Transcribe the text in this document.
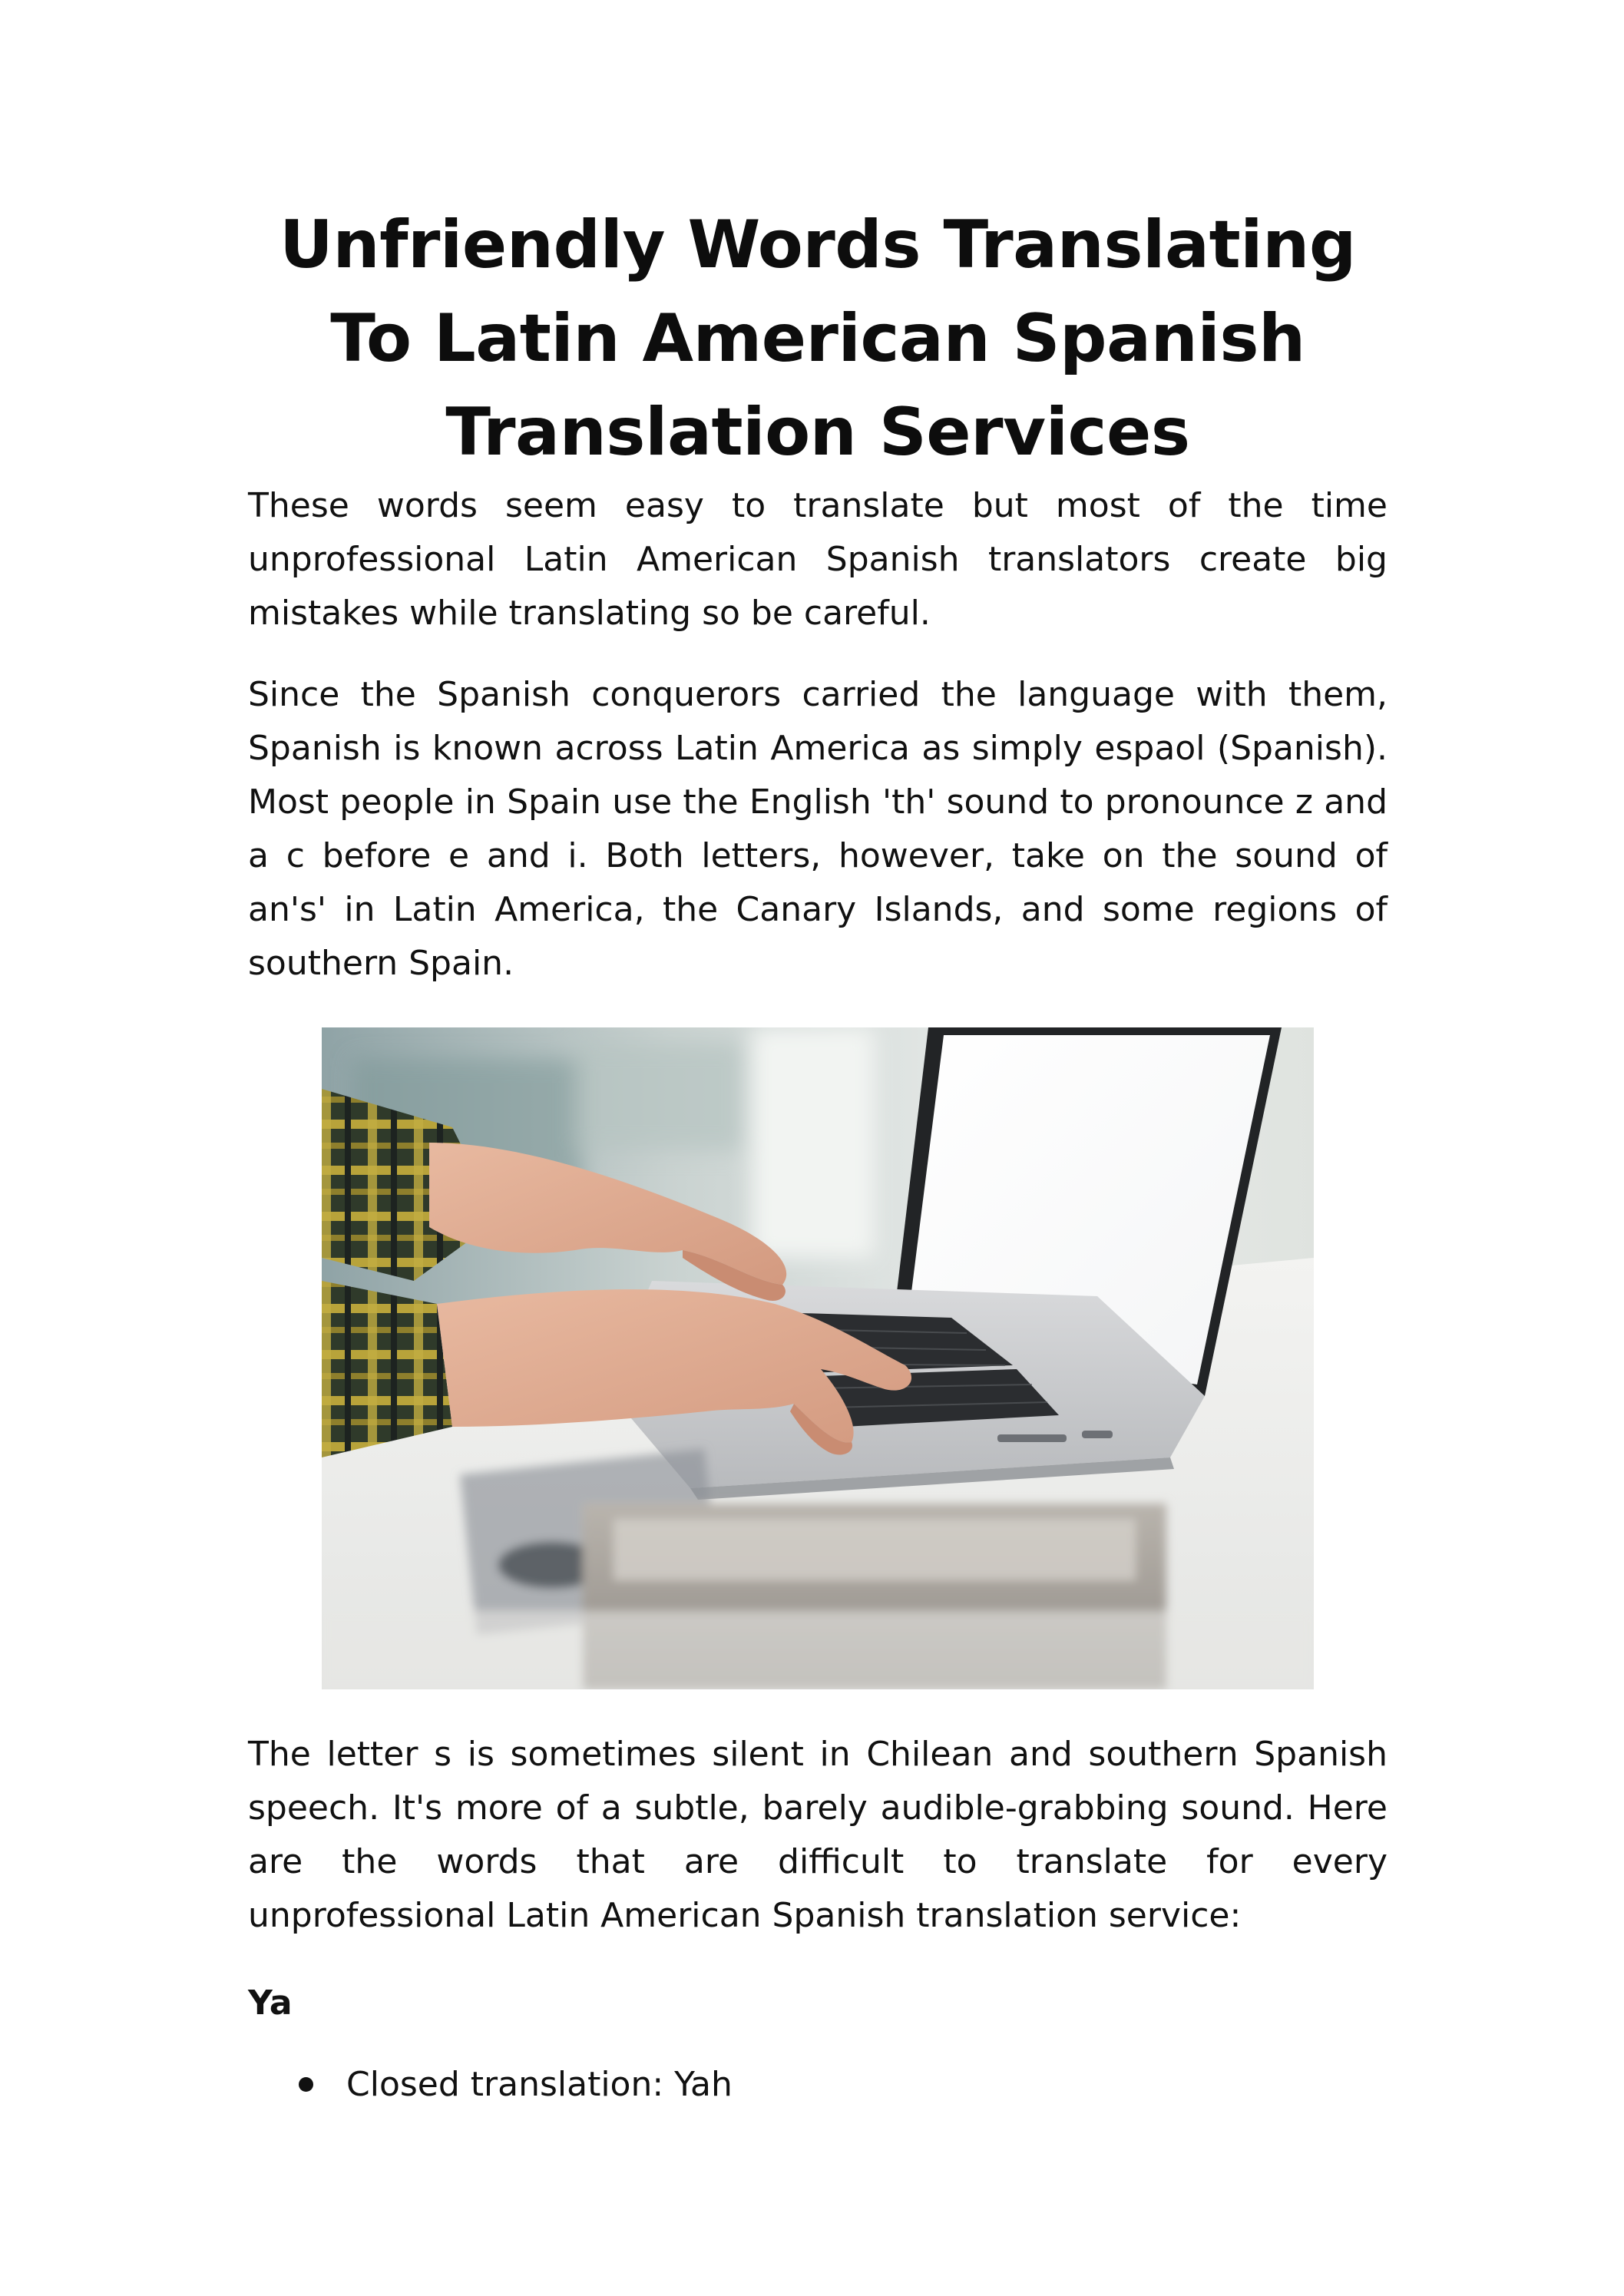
Unfriendly Words Translating To Latin American Spanish Translation Services

These words seem easy to translate but most of the time unprofessional Latin American Spanish translators create big mistakes while translating so be careful.

Since the Spanish conquerors carried the language with them, Spanish is known across Latin America as simply espaol (Spanish). Most people in Spain use the English 'th' sound to pronounce z and a c before e and i. Both letters, however, take on the sound of an's' in Latin America, the Canary Islands, and some regions of southern Spain.

The letter s is sometimes silent in Chilean and southern Spanish speech. It's more of a subtle, barely audible-grabbing sound. Here are the words that are difficult to translate for every unprofessional Latin American Spanish translation service:

Ya

Closed translation: Yah
